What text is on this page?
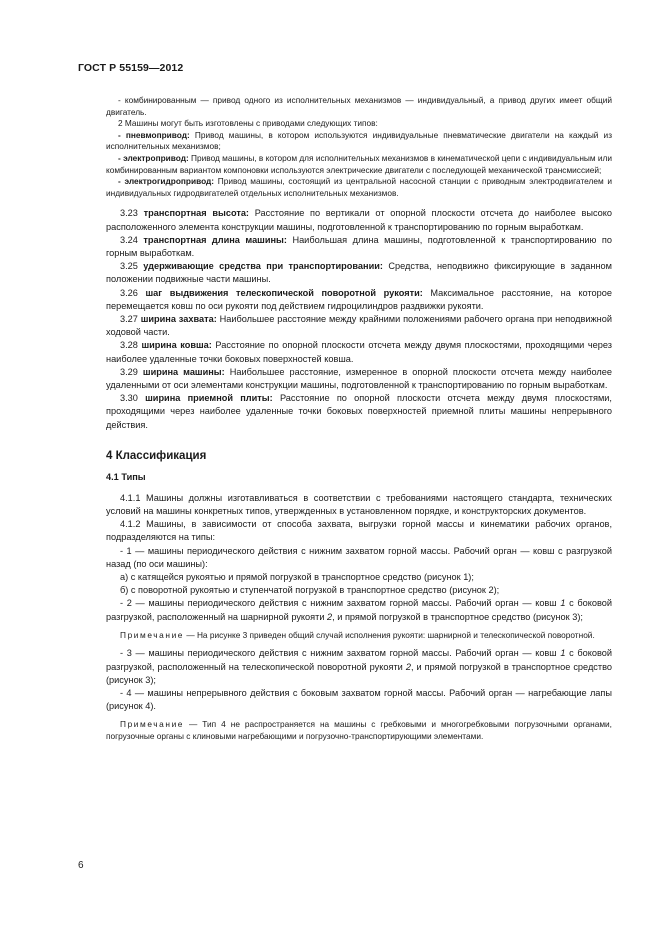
ГОСТ Р 55159—2012

- комбинированным — привод одного из исполнительных механизмов — индивидуальный, а привод других имеет общий двигатель.

2 Машины могут быть изготовлены с приводами следующих типов:

- пневмопривод: Привод машины, в котором используются индивидуальные пневматические двигатели на каждый из исполнительных механизмов;

- электропривод: Привод машины, в котором для исполнительных механизмов в кинематической цепи с индивидуальным или комбинированным вариантом компоновки используются электрические двигатели с последующей механической трансмиссией;

- электрогидропривод: Привод машины, состоящий из центральной насосной станции с приводным электродвигателем и индивидуальных гидродвигателей отдельных исполнительных механизмов.

3.23 транспортная высота: Расстояние по вертикали от опорной плоскости отсчета до наиболее высоко расположенного элемента конструкции машины, подготовленной к транспортированию по горным выработкам.

3.24 транспортная длина машины: Наибольшая длина машины, подготовленной к транспортированию по горным выработкам.

3.25 удерживающие средства при транспортировании: Средства, неподвижно фиксирующие в заданном положении подвижные части машины.

3.26 шаг выдвижения телескопической поворотной рукояти: Максимальное расстояние, на которое перемещается ковш по оси рукояти под действием гидроцилиндров раздвижки рукояти.

3.27 ширина захвата: Наибольшее расстояние между крайними положениями рабочего органа при неподвижной ходовой части.

3.28 ширина ковша: Расстояние по опорной плоскости отсчета между двумя плоскостями, проходящими через наиболее удаленные точки боковых поверхностей ковша.

3.29 ширина машины: Наибольшее расстояние, измеренное в опорной плоскости отсчета между наиболее удаленными от оси элементами конструкции машины, подготовленной к транспортированию по горным выработкам.

3.30 ширина приемной плиты: Расстояние по опорной плоскости отсчета между двумя плоскостями, проходящими через наиболее удаленные точки боковых поверхностей приемной плиты машины непрерывного действия.

4 Классификация
4.1 Типы

4.1.1 Машины должны изготавливаться в соответствии с требованиями настоящего стандарта, технических условий на машины конкретных типов, утвержденных в установленном порядке, и конструкторских документов.

4.1.2 Машины, в зависимости от способа захвата, выгрузки горной массы и кинематики рабочих органов, подразделяются на типы:

- 1 — машины периодического действия с нижним захватом горной массы. Рабочий орган — ковш с разгрузкой назад (по оси машины):

а) с катящейся рукоятью и прямой погрузкой в транспортное средство (рисунок 1);

б) с поворотной рукоятью и ступенчатой погрузкой в транспортное средство (рисунок 2);

- 2 — машины периодического действия с нижним захватом горной массы. Рабочий орган — ковш 1 с боковой разгрузкой, расположенный на шарнирной рукояти 2, и прямой погрузкой в транспортное средство (рисунок 3);

Примечание — На рисунке 3 приведен общий случай исполнения рукояти: шарнирной и телескопической поворотной.

- 3 — машины периодического действия с нижним захватом горной массы. Рабочий орган — ковш 1 с боковой разгрузкой, расположенный на телескопической поворотной рукояти 2, и прямой погрузкой в транспортное средство (рисунок 3);

- 4 — машины непрерывного действия с боковым захватом горной массы. Рабочий орган — нагребающие лапы (рисунок 4).

Примечание — Тип 4 не распространяется на машины с гребковыми и многогребковыми погрузочными органами, погрузочные органы с клиновыми нагребающими и погрузочно-транспортирующими элементами.

6
